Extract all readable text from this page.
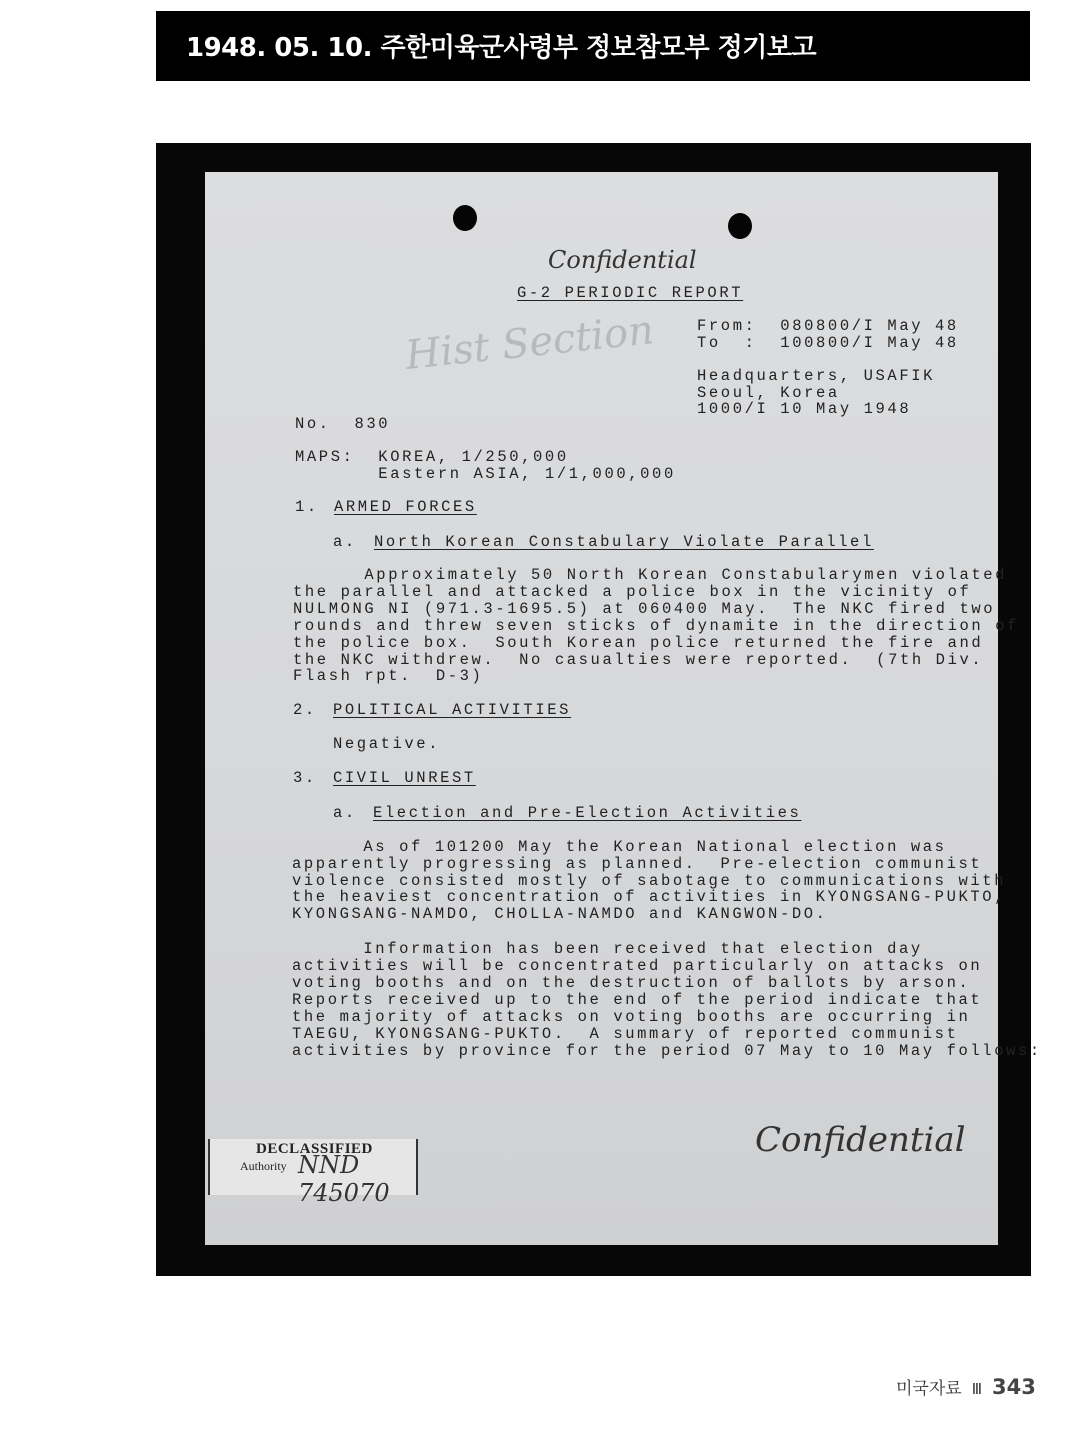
1948. 05. 10. 주한미육군사령부 정보참모부 정기보고
Confidential
Hist Section
G-2 PERIODIC REPORT
From:  080800/I May 48
To  :  100800/I May 48
Headquarters, USAFIK
Seoul, Korea
1000/I 10 May 1948
No.  830
MAPS:  KOREA, 1/250,000
Eastern ASIA, 1/1,000,000
1. ARMED FORCES
a. North Korean Constabulary Violate Parallel
Approximately 50 North Korean Constabularymen violated
the parallel and attacked a police box in the vicinity of
NULMONG NI (971.3-1695.5) at 060400 May.  The NKC fired two
rounds and threw seven sticks of dynamite in the direction of
the police box.  South Korean police returned the fire and
the NKC withdrew.  No casualties were reported.  (7th Div.
Flash rpt.  D-3)
2. POLITICAL ACTIVITIES
Negative.
3. CIVIL UNREST
a. Election and Pre-Election Activities
As of 101200 May the Korean National election was
apparently progressing as planned.  Pre-election communist
violence consisted mostly of sabotage to communications with
the heaviest concentration of activities in KYONGSANG-PUKTO,
KYONGSANG-NAMDO, CHOLLA-NAMDO and KANGWON-DO.
Information has been received that election day
activities will be concentrated particularly on attacks on
voting booths and on the destruction of ballots by arson.
Reports received up to the end of the period indicate that
the majority of attacks on voting booths are occurring in
TAEGU, KYONGSANG-PUKTO.  A summary of reported communist
activities by province for the period 07 May to 10 May follows:
DECLASSIFIED
Authority NND 745070
Confidential
미국자료 Ⅲ 343
